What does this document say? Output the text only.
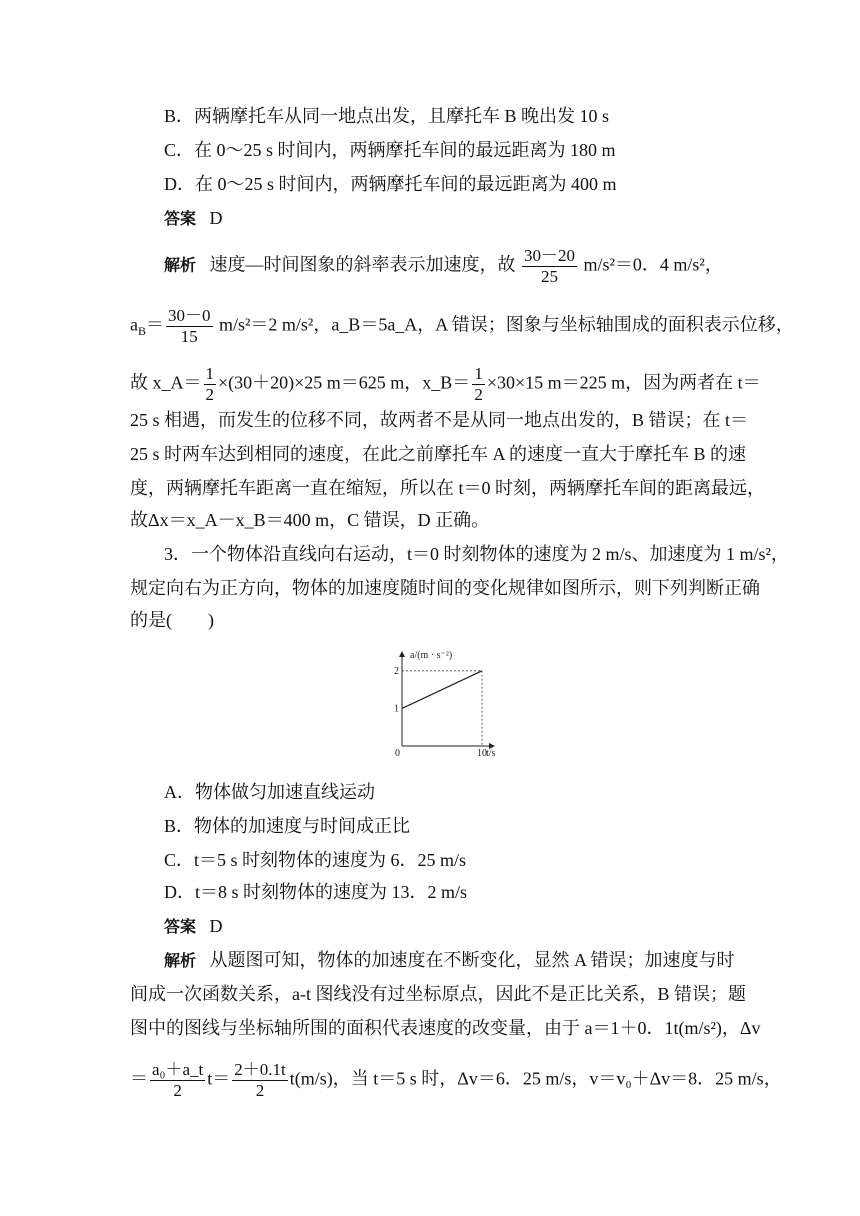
B．两辆摩托车从同一地点出发，且摩托车 B 晚出发 10 s
C．在 0～25 s 时间内，两辆摩托车间的最远距离为 180 m
D．在 0～25 s 时间内，两辆摩托车间的最远距离为 400 m
答案 D
解析 速度—时间图象的斜率表示加速度，故 $\frac{30-20}{25} m/s^2=0$．4 m/s²，
$a_B= \frac{30-0}{15} m/s^2=2$ m/s²，a_B＝5a_A，A 错误；图象与坐标轴围成的面积表示位移，
故 x_A＝ $\frac{1}{2} \times(30+20)\times 25$ m＝625 m，x_B＝ $\frac{1}{2} \times 30\times 15$ m＝225 m，因为两者在 t＝
25 s 相遇，而发生的位移不同，故两者不是从同一地点出发的，B 错误；在 t＝
25 s 时两车达到相同的速度，在此之前摩托车 A 的速度一直大于摩托车 B 的速
度，两辆摩托车距离一直在缩短，所以在 t＝0 时刻，两辆摩托车间的距离最远，
故Δx＝x_A－x_B＝400 m，C 错误，D 正确。
3．一个物体沿直线向右运动，t＝0 时刻物体的速度为 2 m/s、加速度为 1 m/s²，
规定向右为正方向，物体的加速度随时间的变化规律如图所示，则下列判断正确
的是(　　)
a/(m · s⁻²)
t/s
1
2
0	10
A．物体做匀加速直线运动
B．物体的加速度与时间成正比
C．t＝5 s 时刻物体的速度为 6．25 m/s
D．t＝8 s 时刻物体的速度为 13．2 m/s
答案 D
解析 从题图可知，物体的加速度在不断变化，显然 A 错误；加速度与时
间成一次函数关系，a-t 图线没有过坐标原点，因此不是正比关系，B 错误；题
图中的图线与坐标轴所围的面积代表速度的改变量，由于 a＝1＋0．1t(m/s²)，Δv
＝ $\frac{\text{a₀＋a\_t}}{2} t= \frac{2+0.1t}{2} t(m/s)$，当 t＝5 s 时，Δv＝6．25 m/s，v＝v₀＋Δv＝8．25 m/s，
